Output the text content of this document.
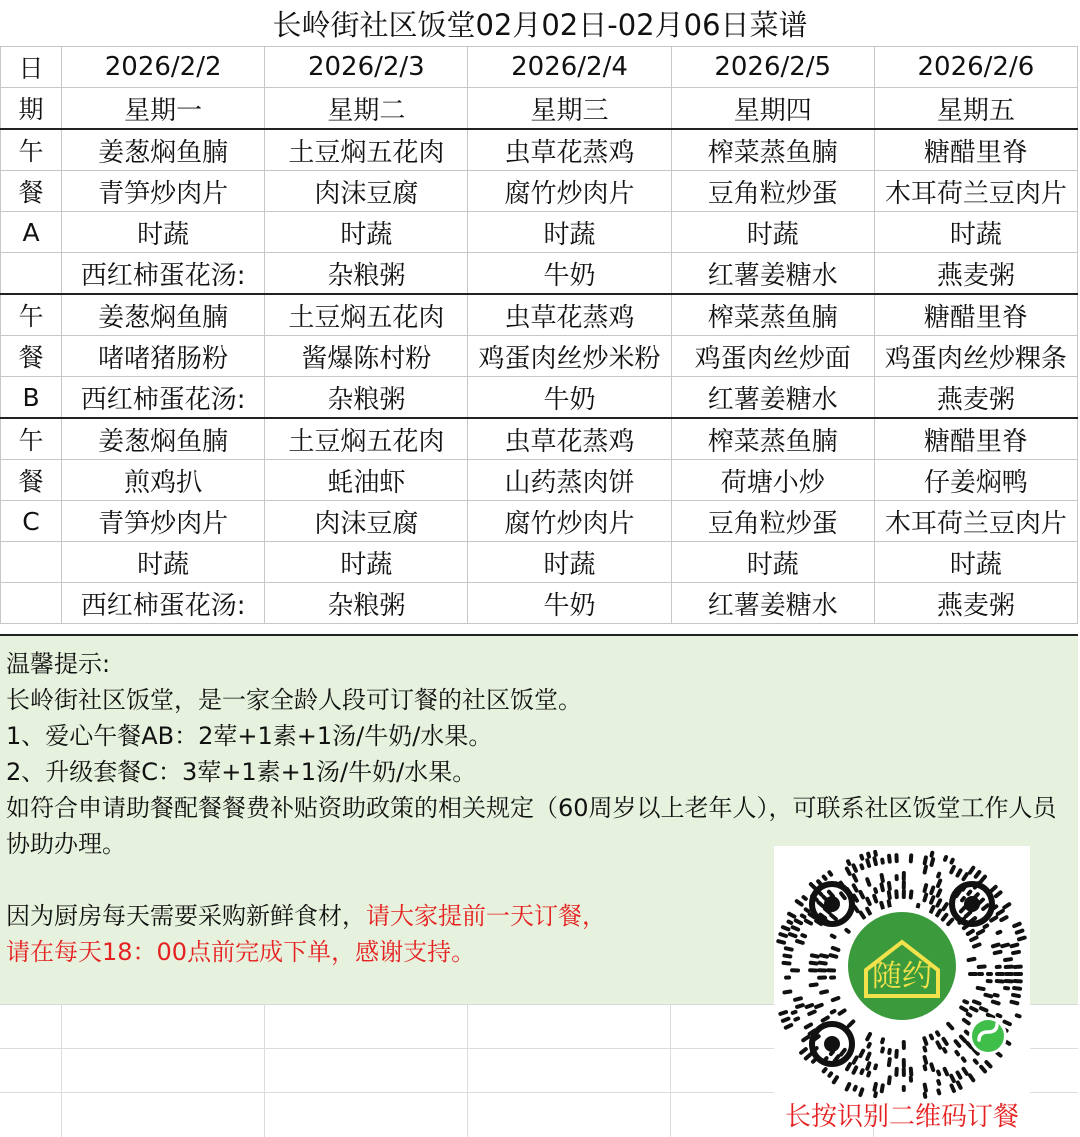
长岭街社区饭堂02月02日-02月06日菜谱
日	2026/2/2	2026/2/3	2026/2/4	2026/2/5	2026/2/6
期	星期一	星期二	星期三	星期四	星期五
午	姜葱焖鱼腩	土豆焖五花肉	虫草花蒸鸡	榨菜蒸鱼腩	糖醋里脊
餐	青笋炒肉片	肉沫豆腐	腐竹炒肉片	豆角粒炒蛋	木耳荷兰豆肉片
A	时蔬	时蔬	时蔬	时蔬	时蔬
	西红柿蛋花汤:	杂粮粥	牛奶	红薯姜糖水	燕麦粥
午	姜葱焖鱼腩	土豆焖五花肉	虫草花蒸鸡	榨菜蒸鱼腩	糖醋里脊
餐	啫啫猪肠粉	酱爆陈村粉	鸡蛋肉丝炒米粉	鸡蛋肉丝炒面	鸡蛋肉丝炒粿条
B	西红柿蛋花汤:	杂粮粥	牛奶	红薯姜糖水	燕麦粥
午	姜葱焖鱼腩	土豆焖五花肉	虫草花蒸鸡	榨菜蒸鱼腩	糖醋里脊
餐	煎鸡扒	蚝油虾	山药蒸肉饼	荷塘小炒	仔姜焖鸭
C	青笋炒肉片	肉沫豆腐	腐竹炒肉片	豆角粒炒蛋	木耳荷兰豆肉片
	时蔬	时蔬	时蔬	时蔬	时蔬
	西红柿蛋花汤:	杂粮粥	牛奶	红薯姜糖水	燕麦粥

温馨提示:

长岭街社区饭堂，是一家全龄人段可订餐的社区饭堂。

1、爱心午餐AB：2荤+1素+1汤/牛奶/水果。

2、升级套餐C：3荤+1素+1汤/牛奶/水果。

如符合申请助餐配餐餐费补贴资助政策的相关规定（60周岁以上老年人），可联系社区饭堂工作人员协助办理。

因为厨房每天需要采购新鲜食材，请大家提前一天订餐，

请在每天18：00点前完成下单，感谢支持。

随约
长按识别二维码订餐
